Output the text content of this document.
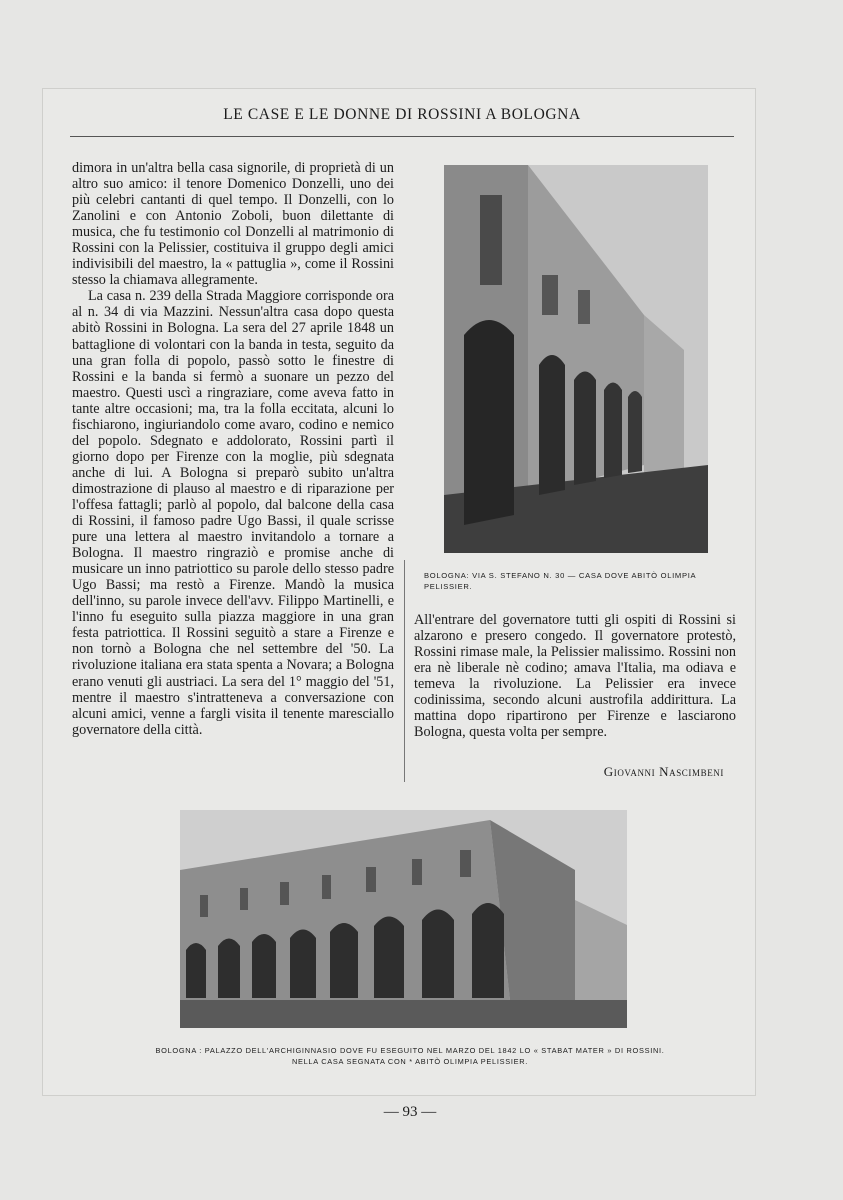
LE CASE E LE DONNE DI ROSSINI A BOLOGNA

dimora in un'altra bella casa signorile, di proprietà di un altro suo amico: il tenore Domenico Donzelli, uno dei più celebri cantanti di quel tempo. Il Donzelli, con lo Zanolini e con Antonio Zoboli, buon dilettante di musica, che fu testimonio col Donzelli al matrimonio di Rossini con la Pelissier, costituiva il gruppo degli amici indivisibili del maestro, la « pattuglia », come il Rossini stesso la chiamava allegramente.

La casa n. 239 della Strada Maggiore corrisponde ora al n. 34 di via Mazzini. Nessun'altra casa dopo questa abitò Rossini in Bologna. La sera del 27 aprile 1848 un battaglione di volontari con la banda in testa, seguito da una gran folla di popolo, passò sotto le finestre di Rossini e la banda si fermò a suonare un pezzo del maestro. Questi uscì a ringraziare, come aveva fatto in tante altre occasioni; ma, tra la folla eccitata, alcuni lo fischiarono, ingiuriandolo come avaro, codino e nemico del popolo. Sdegnato e addolorato, Rossini partì il giorno dopo per Firenze con la moglie, più sdegnata anche di lui. A Bologna si preparò subito un'altra dimostrazione di plauso al maestro e di riparazione per l'offesa fattagli; parlò al popolo, dal balcone della casa di Rossini, il famoso padre Ugo Bassi, il quale scrisse pure una lettera al maestro invitandolo a tornare a Bologna. Il maestro ringraziò e promise anche di musicare un inno patriottico su parole dello stesso padre Ugo Bassi; ma restò a Firenze. Mandò la musica dell'inno, su parole invece dell'avv. Filippo Martinelli, e l'inno fu eseguito sulla piazza maggiore in una gran festa patriottica. Il Rossini seguitò a stare a Firenze e non tornò a Bologna che nel settembre del '50. La rivoluzione italiana era stata spenta a Novara; a Bologna erano venuti gli austriaci. La sera del 1° maggio del '51, mentre il maestro s'intratteneva a conversazione con alcuni amici, venne a fargli visita il tenente maresciallo governatore della città.

BOLOGNA: VIA S. STEFANO N. 30 — CASA DOVE ABITÒ OLIMPIA PELISSIER.

All'entrare del governatore tutti gli ospiti di Rossini si alzarono e presero congedo. Il governatore protestò, Rossini rimase male, la Pelissier malissimo. Rossini non era nè liberale nè codino; amava l'Italia, ma odiava e temeva la rivoluzione. La Pelissier era invece codinissima, secondo alcuni austrofila addirittura. La mattina dopo ripartirono per Firenze e lasciarono Bologna, questa volta per sempre.

Giovanni Nascimbeni
BOLOGNA : PALAZZO DELL'ARCHIGINNASIO DOVE FU ESEGUITO NEL MARZO DEL 1842 LO « STABAT MATER » DI ROSSINI.
NELLA CASA SEGNATA CON * ABITÒ OLIMPIA PELISSIER.
— 93 —
